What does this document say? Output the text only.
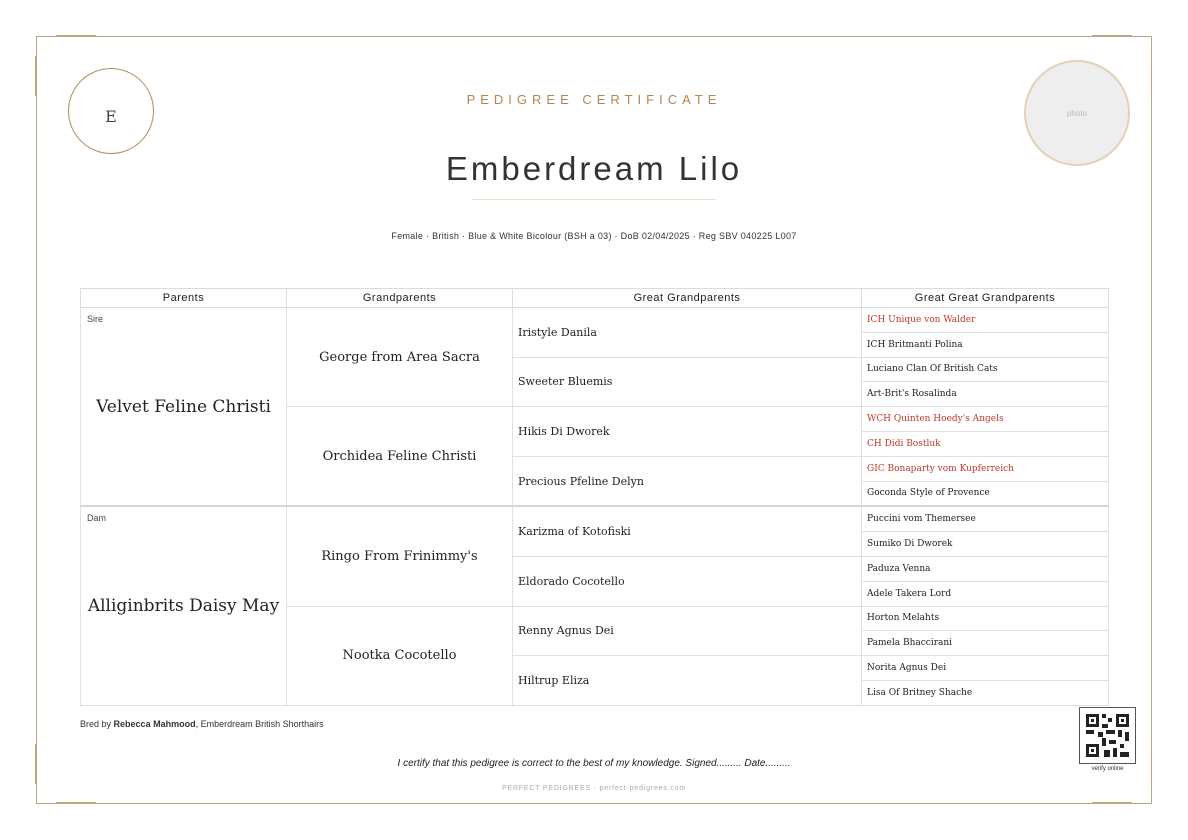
E	photo
PEDIGREE CERTIFICATE
Emberdream Lilo
Female · British · Blue & White Bicolour (BSH a 03) · DoB 02/04/2025 · Reg SBV 040225 L007
Parents	Grandparents	Great Grandparents	Great Great Grandparents

Sire
Velvet Feline Christi	George from Area Sacra	Iristyle Danila	ICH Unique von Walder
			ICH Britmanti Polina
		Sweeter Bluemis	Luciano Clan Of British Cats
			Art-Brit's Rosalinda
	Orchidea Feline Christi	Hikis Di Dworek	WCH Quinten Hoedy's Angels
			CH Didi Bostluk
		Precious Pfeline Delyn	GIC Bonaparty vom Kupferreich
			Goconda Style of Provence

Dam
Alliginbrits Daisy May	Ringo From Frinimmy's	Karizma of Kotofiski	Puccini vom Themersee
			Sumiko Di Dworek
		Eldorado Cocotello	Paduza Venna
			Adele Takera Lord
	Nootka Cocotello	Renny Agnus Dei	Horton Melahts
			Pamela Bhaccirani
		Hiltrup Eliza	Norita Agnus Dei
			Lisa Of Britney Shache
Bred by Rebecca Mahmood, Emberdream British Shorthairs
verify online
I certify that this pedigree is correct to the best of my knowledge. Signed......... Date.........
PERFECT PEDIGREES · perfect-pedigrees.com
